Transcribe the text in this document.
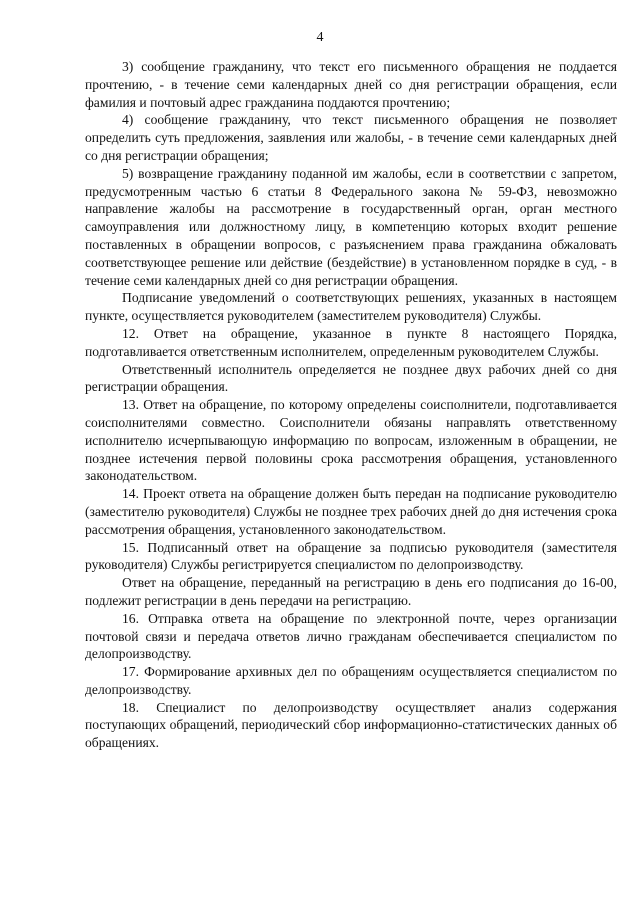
4

3) сообщение гражданину, что текст его письменного обращения не поддается прочтению, - в течение семи календарных дней со дня регистрации обращения, если фамилия и почтовый адрес гражданина поддаются прочтению;

4) сообщение гражданину, что текст письменного обращения не позволяет определить суть предложения, заявления или жалобы, - в течение семи календарных дней со дня регистрации обращения;

5) возвращение гражданину поданной им жалобы, если в соответствии с запретом, предусмотренным частью 6 статьи 8 Федерального закона № 59-ФЗ, невозможно направление жалобы на рассмотрение в государственный орган, орган местного самоуправления или должностному лицу, в компетенцию которых входит решение поставленных в обращении вопросов, с разъяснением права гражданина обжаловать соответствующее решение или действие (бездействие) в установленном порядке в суд, - в течение семи календарных дней со дня регистрации обращения.

Подписание уведомлений о соответствующих решениях, указанных в настоящем пункте, осуществляется руководителем (заместителем руководителя) Службы.

12. Ответ на обращение, указанное в пункте 8 настоящего Порядка, подготавливается ответственным исполнителем, определенным руководителем Службы.

Ответственный исполнитель определяется не позднее двух рабочих дней со дня регистрации обращения.

13. Ответ на обращение, по которому определены соисполнители, подготавливается соисполнителями совместно. Соисполнители обязаны направлять ответственному исполнителю исчерпывающую информацию по вопросам, изложенным в обращении, не позднее истечения первой половины срока рассмотрения обращения, установленного законодательством.

14. Проект ответа на обращение должен быть передан на подписание руководителю (заместителю руководителя) Службы не позднее трех рабочих дней до дня истечения срока рассмотрения обращения, установленного законодательством.

15. Подписанный ответ на обращение за подписью руководителя (заместителя руководителя) Службы регистрируется специалистом по делопроизводству.

Ответ на обращение, переданный на регистрацию в день его подписания до 16-00, подлежит регистрации в день передачи на регистрацию.

16. Отправка ответа на обращение по электронной почте, через организации почтовой связи и передача ответов лично гражданам обеспечивается специалистом по делопроизводству.

17. Формирование архивных дел по обращениям осуществляется специалистом по делопроизводству.

18. Специалист по делопроизводству осуществляет анализ содержания поступающих обращений, периодический сбор информационно-статистических данных об обращениях.
